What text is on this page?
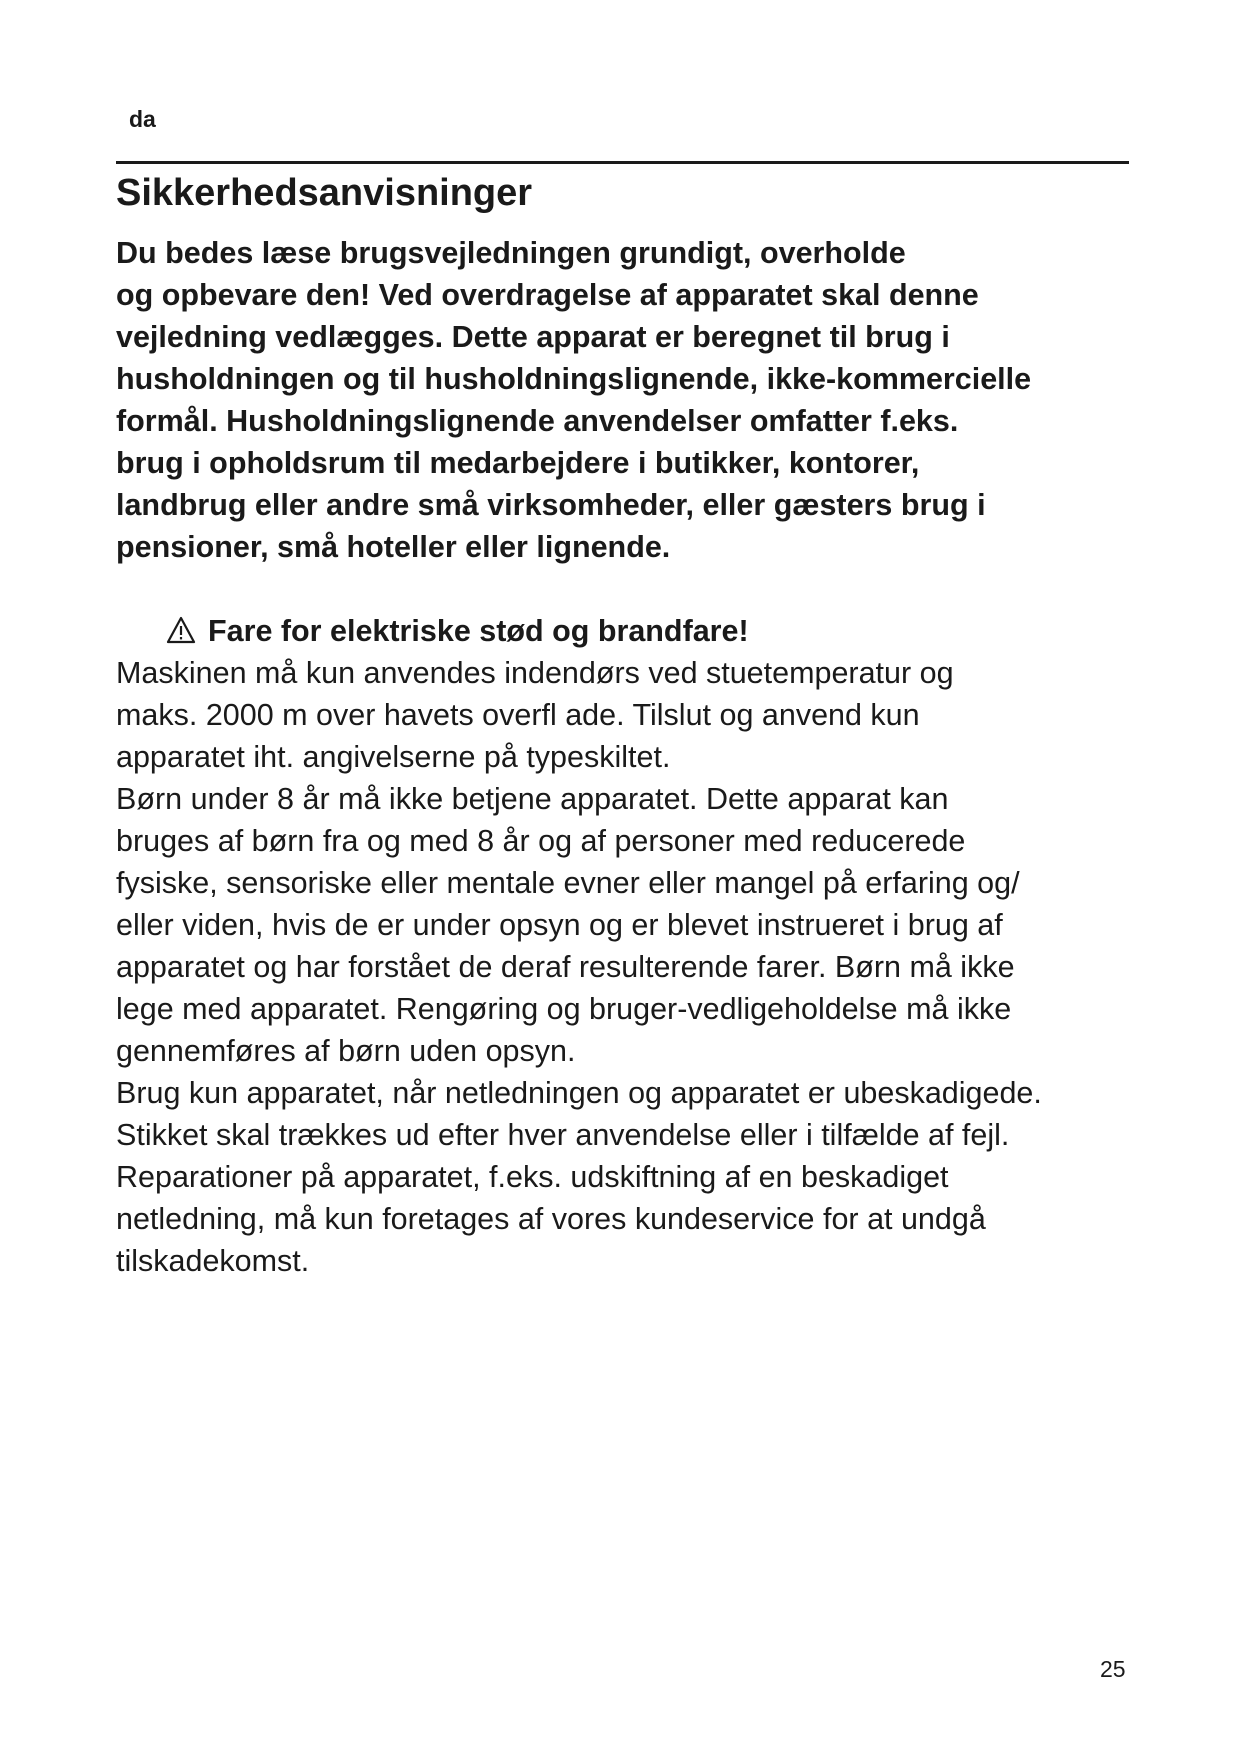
da
Sikkerhedsanvisninger
Du bedes læse brugsvejledningen grundigt, overholde
og opbevare den! Ved overdragelse af apparatet skal denne
vejledning vedlægges. Dette apparat er beregnet til brug i
husholdningen og til husholdningslignende, ikke-kommercielle
formål. Husholdningslignende anvendelser omfatter f.eks.
brug i opholdsrum til medarbejdere i butikker, kontorer,
landbrug eller andre små virksomheder, eller gæsters brug i
pensioner, små hoteller eller lignende.
Fare for elektriske stød og brandfare!
Maskinen må kun anvendes indendørs ved stuetemperatur og
maks. 2000 m over havets overfl ade. Tilslut og anvend kun
apparatet iht. angivelserne på typeskiltet.
Børn under 8 år må ikke betjene apparatet. Dette apparat kan
bruges af børn fra og med 8 år og af personer med reducerede
fysiske, sensoriske eller mentale evner eller mangel på erfaring og/
eller viden, hvis de er under opsyn og er blevet instrueret i brug af
apparatet og har forstået de deraf resulterende farer. Børn må ikke
lege med apparatet. Rengøring og bruger-vedligeholdelse må ikke
gennemføres af børn uden opsyn.
Brug kun apparatet, når netledningen og apparatet er ubeskadigede.
Stikket skal trækkes ud efter hver anvendelse eller i tilfælde af fejl.
Reparationer på apparatet, f.eks. udskiftning af en beskadiget
netledning, må kun foretages af vores kundeservice for at undgå
tilskadekomst.
25
